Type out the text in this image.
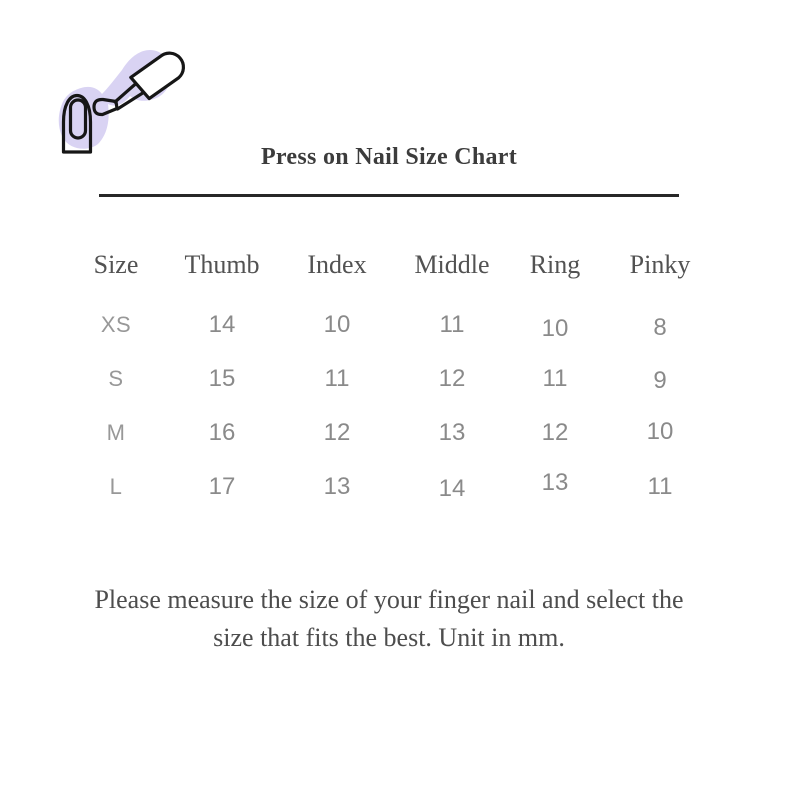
Press on Nail Size Chart
Size	Thumb	Index	Middle	Ring	Pinky
XS	14	10	11	10	8
S	15	11	12	11	9
M	16	12	13	12	10
L	17	13	14	13	11
Please measure the size of your finger nail and select the
size that fits the best. Unit in mm.
